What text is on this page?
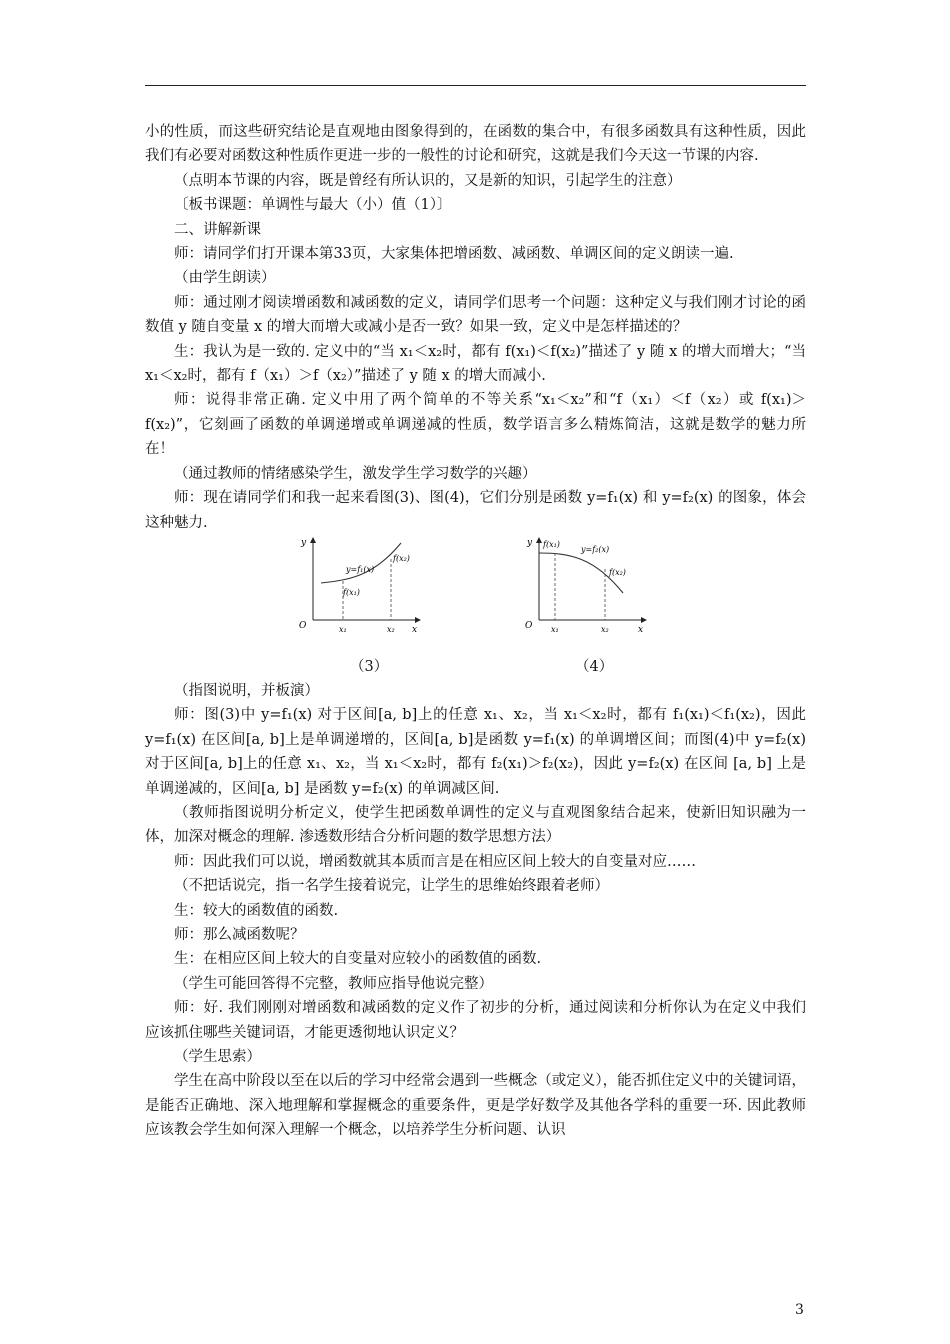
小的性质，而这些研究结论是直观地由图象得到的，在函数的集合中，有很多函数具有这种性质，因此我们有必要对函数这种性质作更进一步的一般性的讨论和研究，这就是我们今天这一节课的内容.

（点明本节课的内容，既是曾经有所认识的，又是新的知识，引起学生的注意）

〔板书课题：单调性与最大（小）值（1）〕

二、讲解新课

师：请同学们打开课本第33页，大家集体把增函数、减函数、单调区间的定义朗读一遍.

（由学生朗读）

师：通过刚才阅读增函数和减函数的定义，请同学们思考一个问题：这种定义与我们刚才讨论的函数值 y 随自变量 x 的增大而增大或减小是否一致？如果一致，定义中是怎样描述的？

生：我认为是一致的. 定义中的“当 x₁＜x₂时，都有 f(x₁)＜f(x₂)”描述了 y 随 x 的增大而增大；“当 x₁＜x₂时，都有 f（x₁）＞f（x₂）”描述了 y 随 x 的增大而减小.

师：说得非常正确. 定义中用了两个简单的不等关系“x₁＜x₂”和“f（x₁）＜f（x₂）或 f(x₁)＞f(x₂)”，它刻画了函数的单调递增或单调递减的性质，数学语言多么精炼简洁，这就是数学的魅力所在！

（通过教师的情绪感染学生，激发学生学习数学的兴趣）

师：现在请同学们和我一起来看图(3)、图(4)，它们分别是函数 y=f₁(x) 和 y=f₂(x) 的图象，体会这种魅力.

y
x
O	x₁	x₂
y=f₁(x)
f(x₁)
f(x₂)
y
x
O x₁	x₂
y=f₂(x)
f(x₁)
f(x₂)
（3）	（4）

（指图说明，并板演）

师：图(3)中 y=f₁(x) 对于区间[a, b]上的任意 x₁、x₂，当 x₁＜x₂时，都有 f₁(x₁)＜f₁(x₂)，因此 y=f₁(x) 在区间[a, b]上是单调递增的，区间[a, b]是函数 y=f₁(x) 的单调增区间；而图(4)中 y=f₂(x) 对于区间[a, b]上的任意 x₁、x₂，当 x₁＜x₂时，都有 f₂(x₁)＞f₂(x₂)，因此 y=f₂(x) 在区间 [a, b] 上是单调递减的，区间[a, b] 是函数 y=f₂(x) 的单调减区间.

（教师指图说明分析定义，使学生把函数单调性的定义与直观图象结合起来，使新旧知识融为一体，加深对概念的理解. 渗透数形结合分析问题的数学思想方法）

师：因此我们可以说，增函数就其本质而言是在相应区间上较大的自变量对应……

（不把话说完，指一名学生接着说完，让学生的思维始终跟着老师）

生：较大的函数值的函数.

师：那么减函数呢？

生：在相应区间上较大的自变量对应较小的函数值的函数.

（学生可能回答得不完整，教师应指导他说完整）

师：好. 我们刚刚对增函数和减函数的定义作了初步的分析，通过阅读和分析你认为在定义中我们应该抓住哪些关键词语，才能更透彻地认识定义？

（学生思索）

学生在高中阶段以至在以后的学习中经常会遇到一些概念（或定义），能否抓住定义中的关键词语，是能否正确地、深入地理解和掌握概念的重要条件，更是学好数学及其他各学科的重要一环. 因此教师应该教会学生如何深入理解一个概念，以培养学生分析问题、认识

3
